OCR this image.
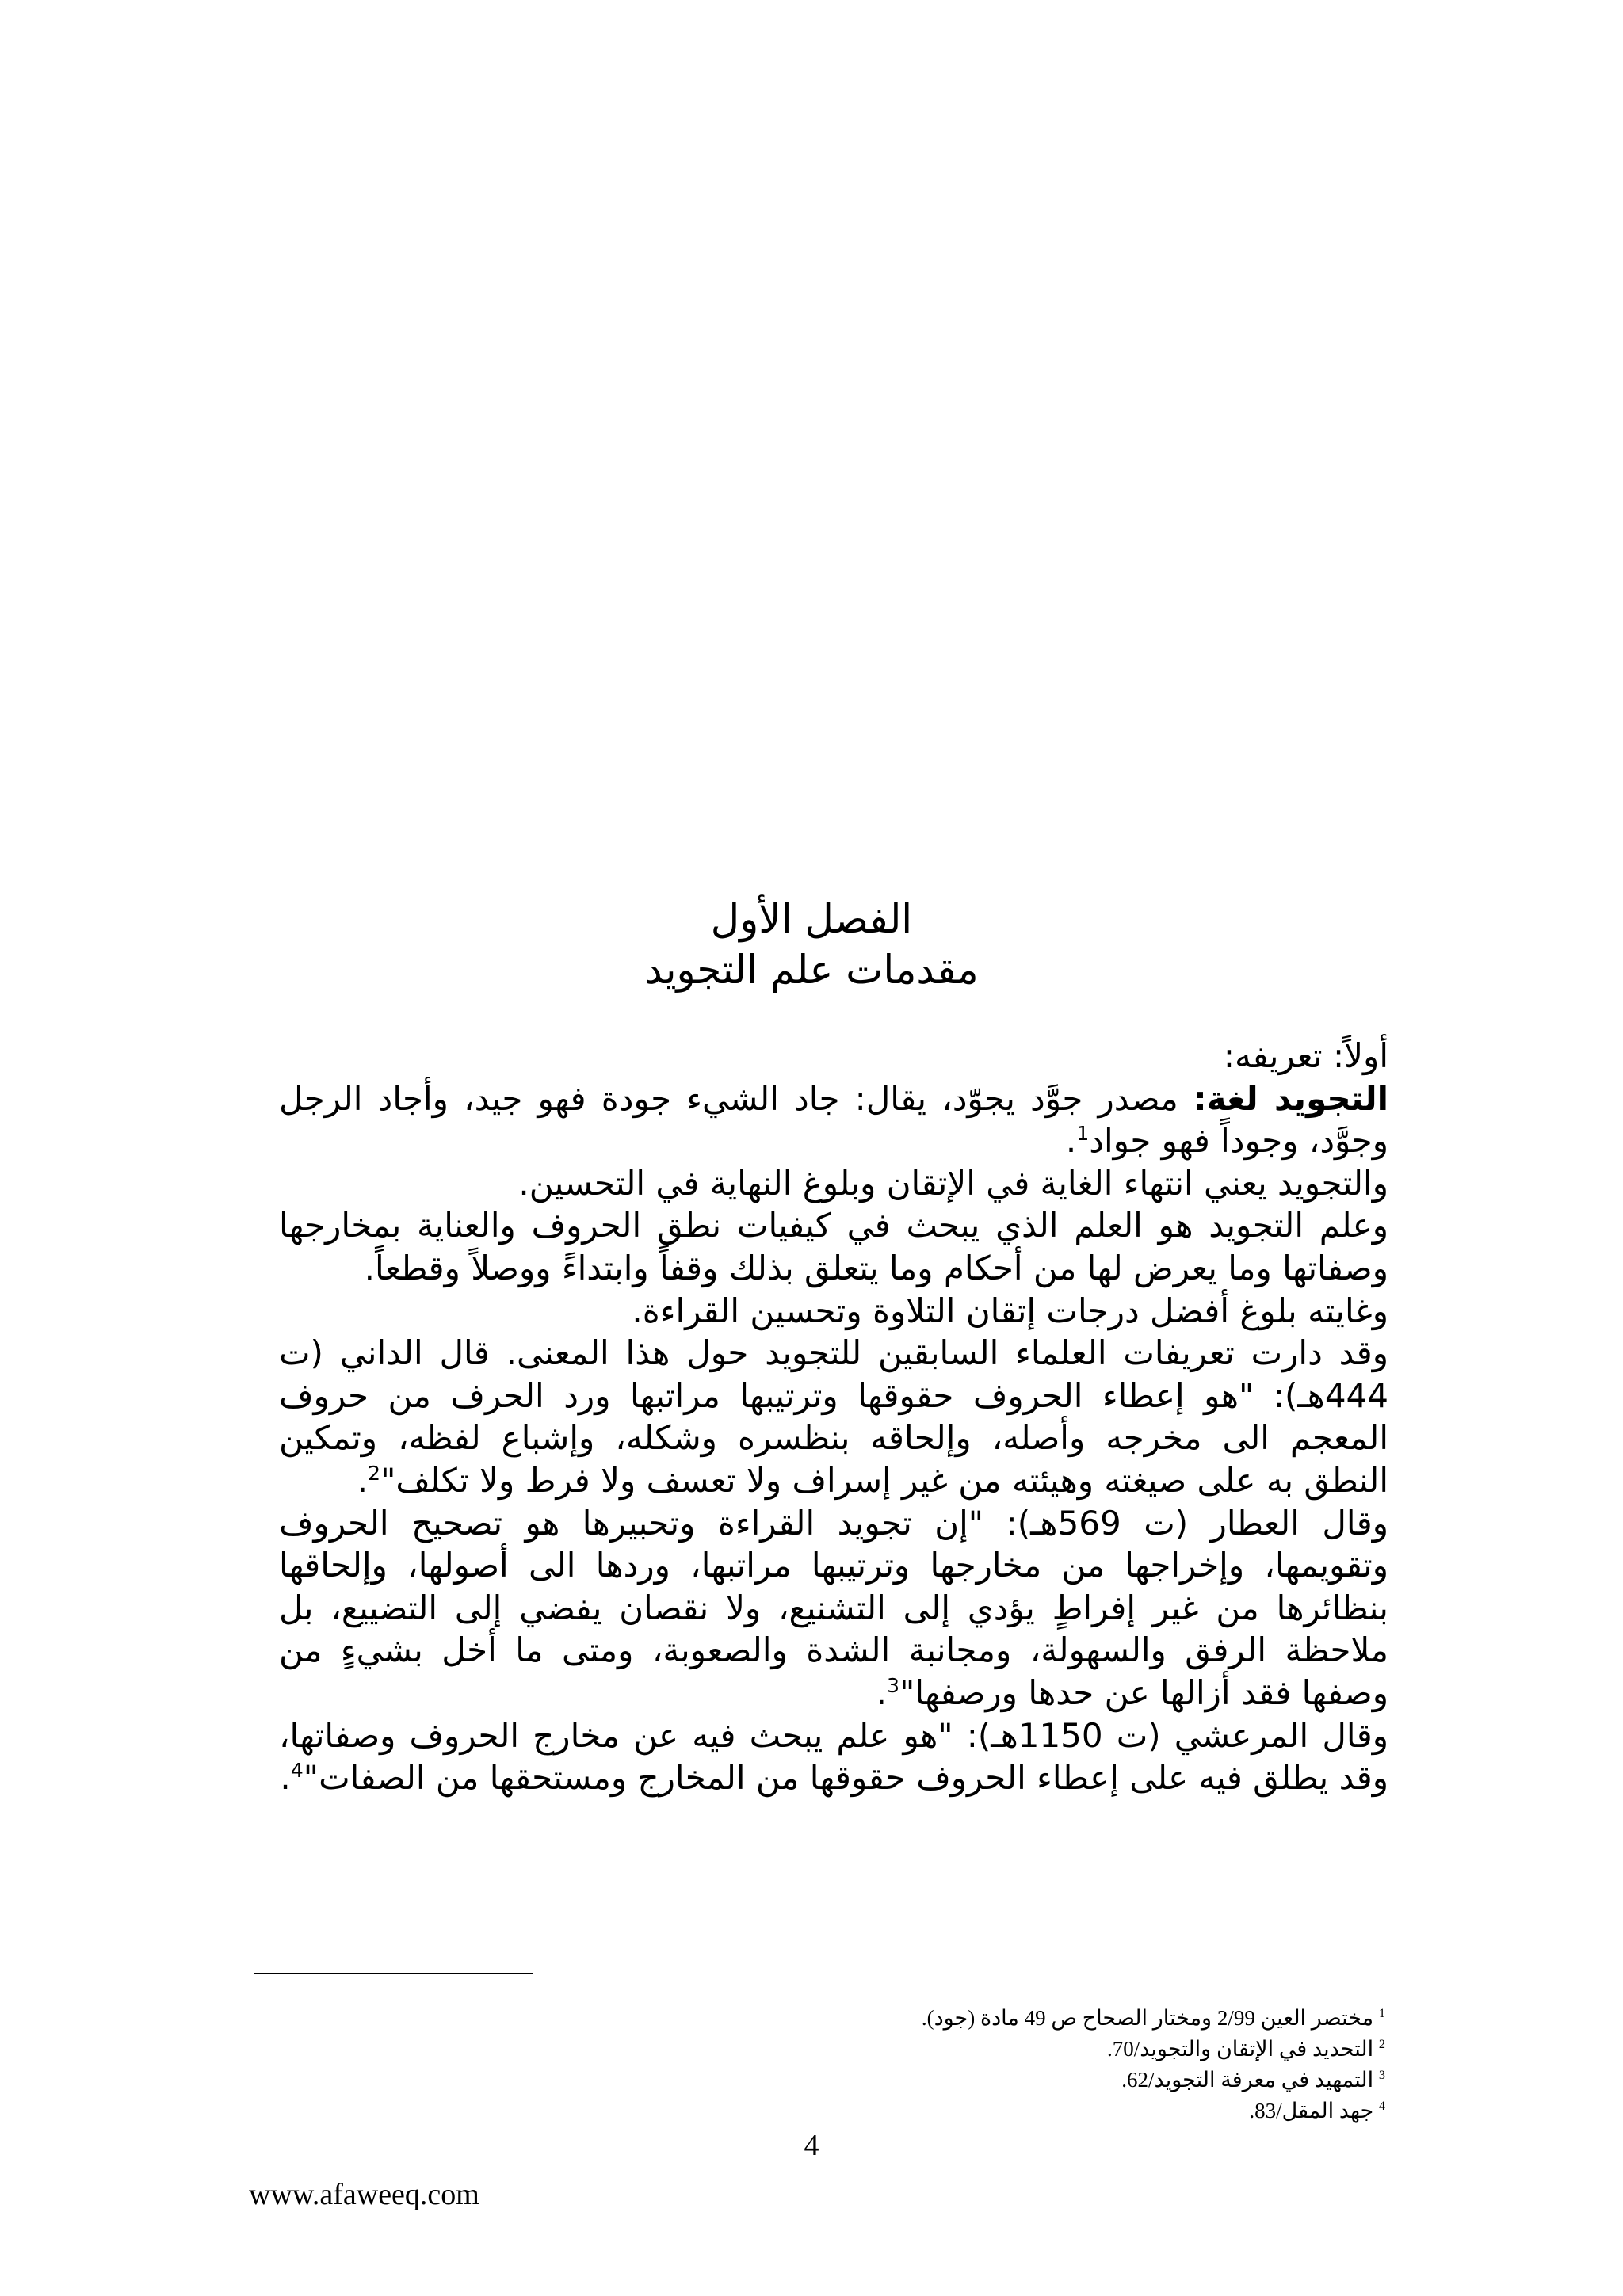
الفصل الأول
مقدمات علم التجويد

أولاً: تعريفه:

التجويد لغة: مصدر جوَّد يجوّد، يقال: جاد الشيء جودة فهو جيد، وأجاد الرجل وجوَّد، وجوداً فهو جواد$^1$.

والتجويد يعني انتهاء الغاية في الإتقان وبلوغ النهاية في التحسين.

وعلم التجويد هو العلم الذي يبحث في كيفيات نطق الحروف والعناية بمخارجها وصفاتها وما يعرض لها من أحكام وما يتعلق بذلك وقفاً وابتداءً ووصلاً وقطعاً.

وغايته بلوغ أفضل درجات إتقان التلاوة وتحسين القراءة.

وقد دارت تعريفات العلماء السابقين للتجويد حول هذا المعنى. قال الداني (ت 444هـ): "هو إعطاء الحروف حقوقها وترتيبها مراتبها ورد الحرف من حروف المعجم الى مخرجه وأصله، وإلحاقه بنظسره وشكله، وإشباع لفظه، وتمكين النطق به على صيغته وهيئته من غير إسراف ولا تعسف ولا فرط ولا تكلف"$^2$.

وقال العطار (ت 569هـ): "إن تجويد القراءة وتحبيرها هو تصحيح الحروف وتقويمها، وإخراجها من مخارجها وترتيبها مراتبها، وردها الى أصولها، وإلحاقها بنظائرها من غير إفراطٍ يؤدي إلى التشنيع، ولا نقصان يفضي إلى التضييع، بل ملاحظة الرفق والسهولة، ومجانبة الشدة والصعوبة، ومتى ما أخل بشيءٍ من وصفها فقد أزالها عن حدها ورصفها"$^3$.

وقال المرعشي (ت 1150هـ): "هو علم يبحث فيه عن مخارج الحروف وصفاتها، وقد يطلق فيه على إعطاء الحروف حقوقها من المخارج ومستحقها من الصفات"$^4$.

$^1$ مختصر العين 2/99 ومختار الصحاح ص 49 مادة (جود).
$^2$ التحديد في الإتقان والتجويد/70.
$^3$ التمهيد في معرفة التجويد/62.
$^4$ جهد المقل/83.
4
www.afaweeq.com
